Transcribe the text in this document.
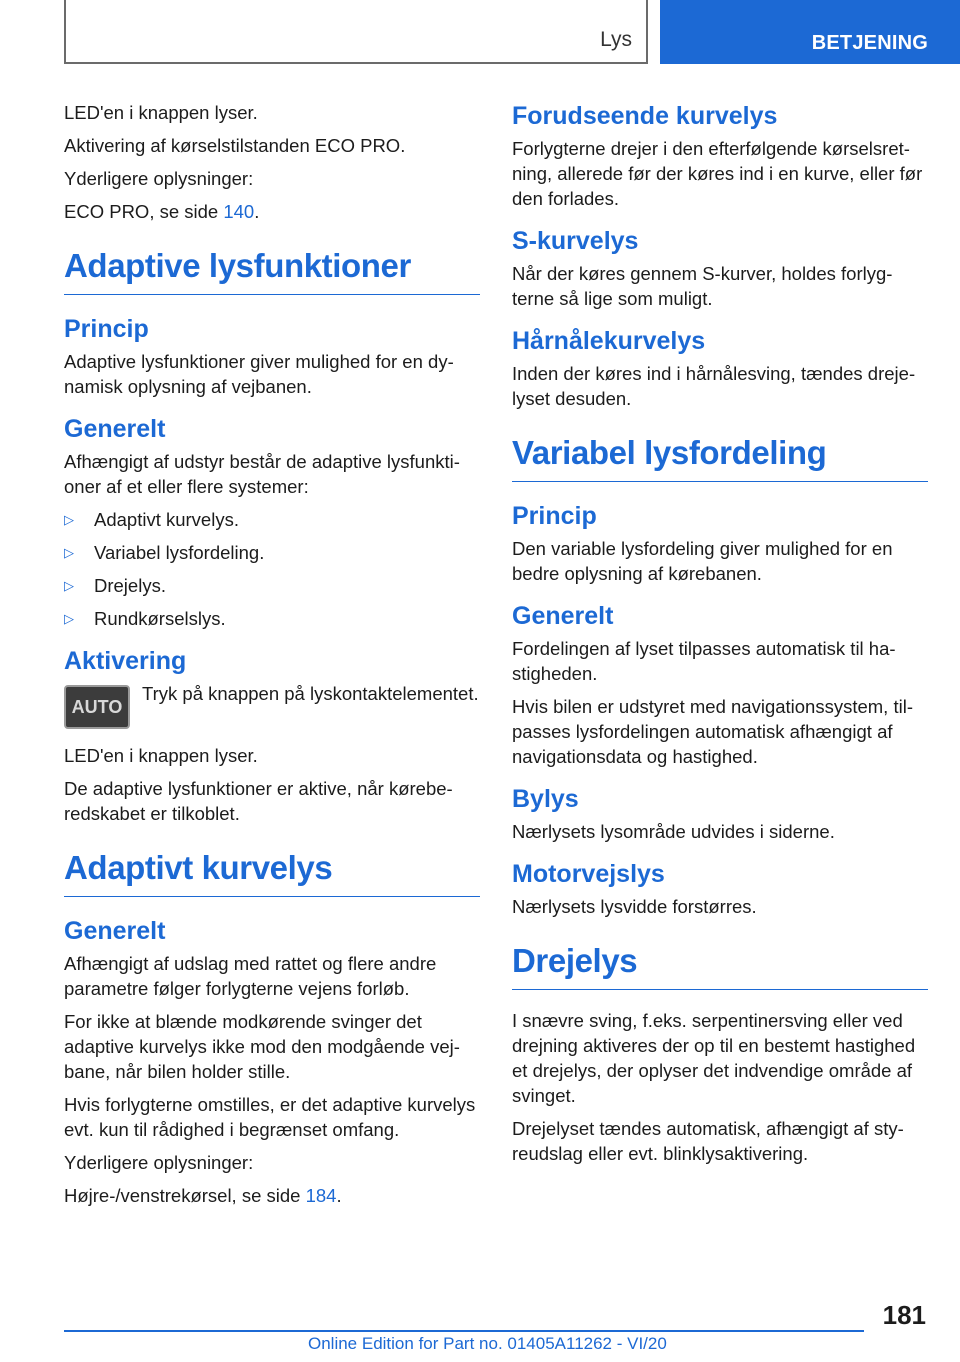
Lys	BETJENING

LED'en i knappen lyser.

Aktivering af kørselstilstanden ECO PRO.

Yderligere oplysninger:

ECO PRO, se side 140.

Adaptive lysfunktioner
Princip

Adaptive lysfunktioner giver mulighed for en dynamisk oplysning af vejbanen.

Generelt

Afhængigt af udstyr består de adaptive lysfunktioner af et eller flere systemer:

▷ Adaptivt kurvelys.
▷ Variabel lysfordeling.
▷ Drejelys.
▷ Rundkørselslys.
Aktivering
AUTO

Tryk på knappen på lyskontaktelementet.

LED'en i knappen lyser.

De adaptive lysfunktioner er aktive, når køreberedskabet er tilkoblet.

Adaptivt kurvelys
Generelt

Afhængigt af udslag med rattet og flere andre parametre følger forlygterne vejens forløb.

For ikke at blænde modkørende svinger det adaptive kurvelys ikke mod den modgående vejbane, når bilen holder stille.

Hvis forlygterne omstilles, er det adaptive kurvelys evt. kun til rådighed i begrænset omfang.

Yderligere oplysninger:

Højre-/venstrekørsel, se side 184.

Forudseende kurvelys

Forlygterne drejer i den efterfølgende kørselsretning, allerede før der køres ind i en kurve, eller før den forlades.

S-kurvelys

Når der køres gennem S-kurver, holdes forlygterne så lige som muligt.

Hårnålekurvelys

Inden der køres ind i hårnålesving, tændes drejelyset desuden.

Variabel lysfordeling
Princip

Den variable lysfordeling giver mulighed for en bedre oplysning af kørebanen.

Generelt

Fordelingen af lyset tilpasses automatisk til hastigheden.

Hvis bilen er udstyret med navigationssystem, tilpasses lysfordelingen automatisk afhængigt af navigationsdata og hastighed.

Bylys

Nærlysets lysområde udvides i siderne.

Motorvejslys

Nærlysets lysvidde forstørres.

Drejelys

I snævre sving, f.eks. serpentinersving eller ved drejning aktiveres der op til en bestemt hastighed et drejelys, der oplyser det indvendige område af svinget.

Drejelyset tændes automatisk, afhængigt af styreudslag eller evt. blinklysaktivering.

181
Online Edition for Part no. 01405A11262 - VI/20
